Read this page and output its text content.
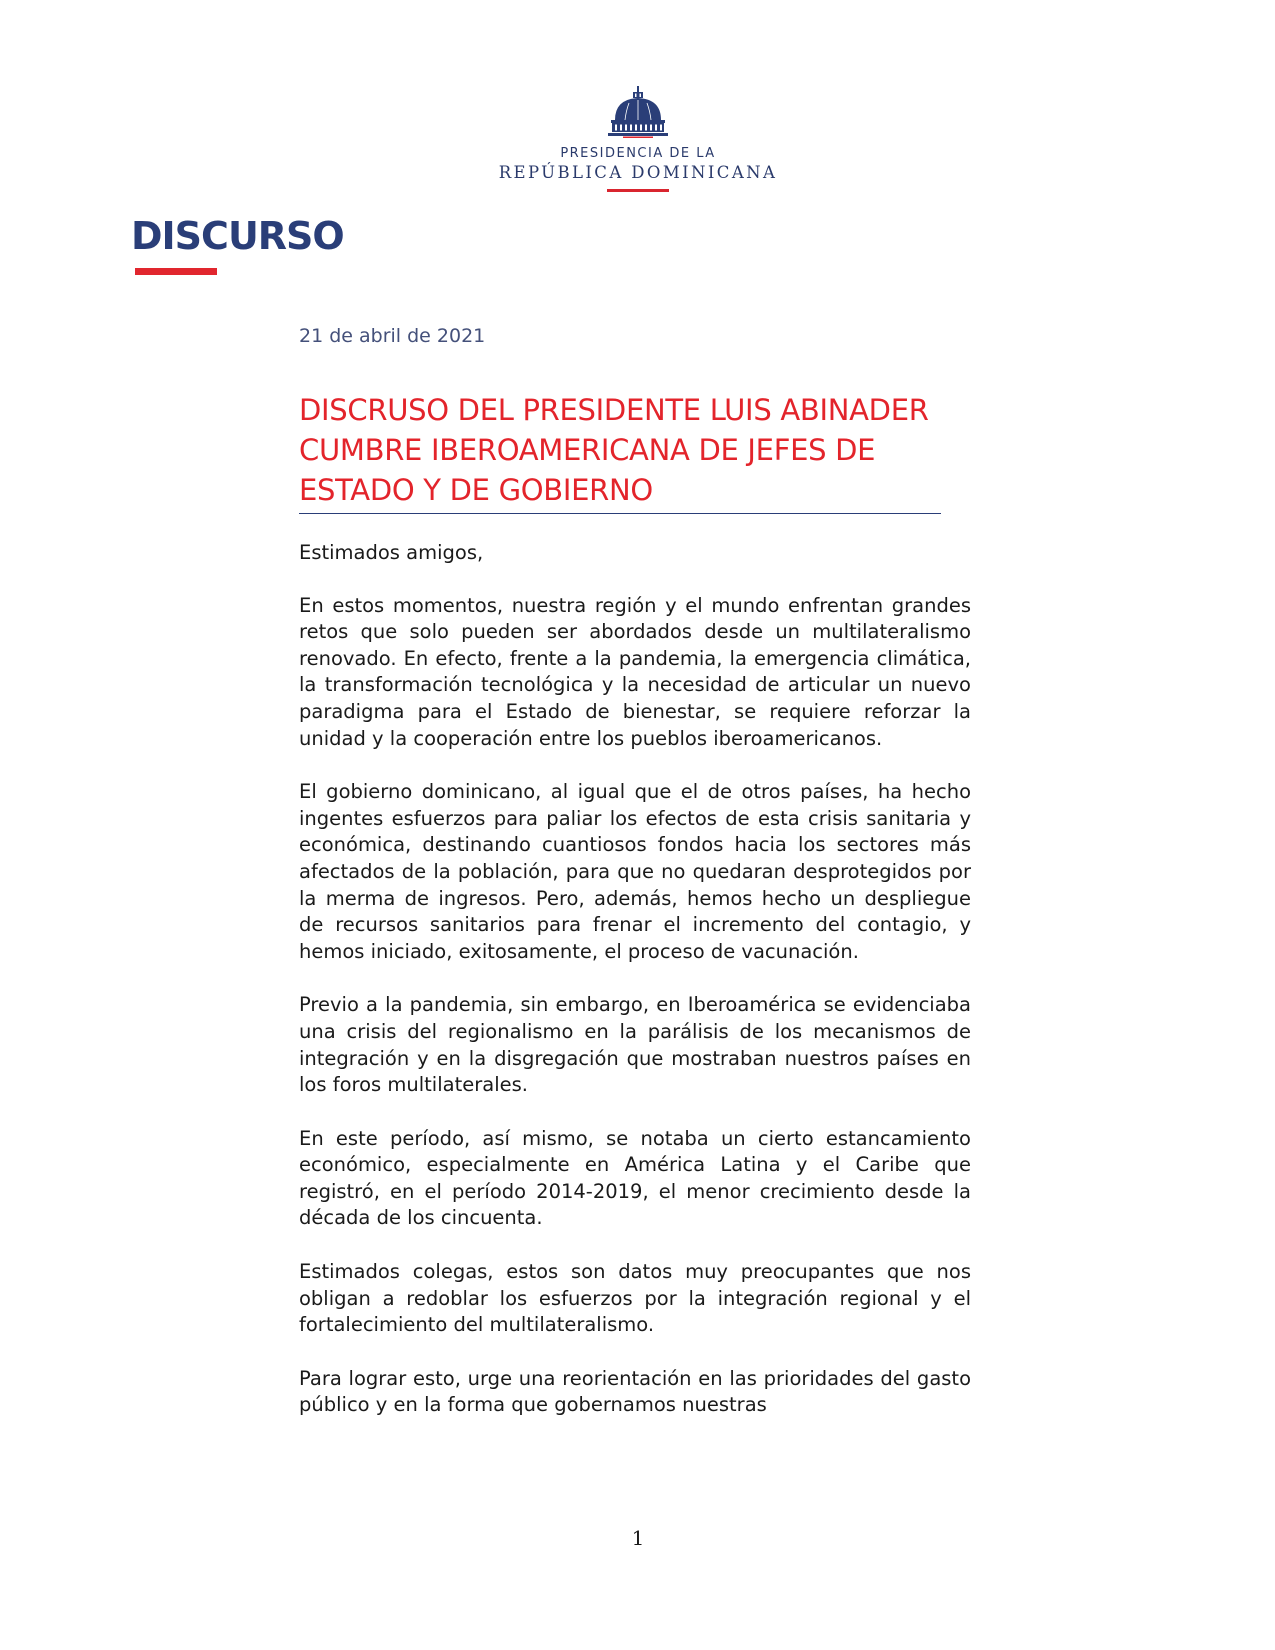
PRESIDENCIA DE LA
REPÚBLICA DOMINICANA
DISCURSO
21 de abril de 2021
DISCRUSO DEL PRESIDENTE LUIS ABINADER CUMBRE IBEROAMERICANA DE JEFES DE ESTADO Y DE GOBIERNO

Estimados amigos,

En estos momentos, nuestra región y el mundo enfrentan grandes retos que solo pueden ser abordados desde un multilateralismo renovado. En efecto, frente a la pandemia, la emergencia climática, la transformación tecnológica y la necesidad de articular un nuevo paradigma para el Estado de bienestar, se requiere reforzar la unidad y la cooperación entre los pueblos iberoamericanos.

El gobierno dominicano, al igual que el de otros países, ha hecho ingentes esfuerzos para paliar los efectos de esta crisis sanitaria y económica, destinando cuantiosos fondos hacia los sectores más afectados de la población, para que no quedaran desprotegidos por la merma de ingresos. Pero, además, hemos hecho un despliegue de recursos sanitarios para frenar el incremento del contagio, y hemos iniciado, exitosamente, el proceso de vacunación.

Previo a la pandemia, sin embargo, en Iberoamérica se evidenciaba una crisis del regionalismo en la parálisis de los mecanismos de integración y en la disgregación que mostraban nuestros países en los foros multilaterales.

En este período, así mismo, se notaba un cierto estancamiento económico, especialmente en América Latina y el Caribe que registró, en el período 2014-2019, el menor crecimiento desde la década de los cincuenta.

Estimados colegas, estos son datos muy preocupantes que nos obligan a redoblar los esfuerzos por la integración regional y el fortalecimiento del multilateralismo.

Para lograr esto, urge una reorientación en las prioridades del gasto público y en la forma que gobernamos nuestras

1
